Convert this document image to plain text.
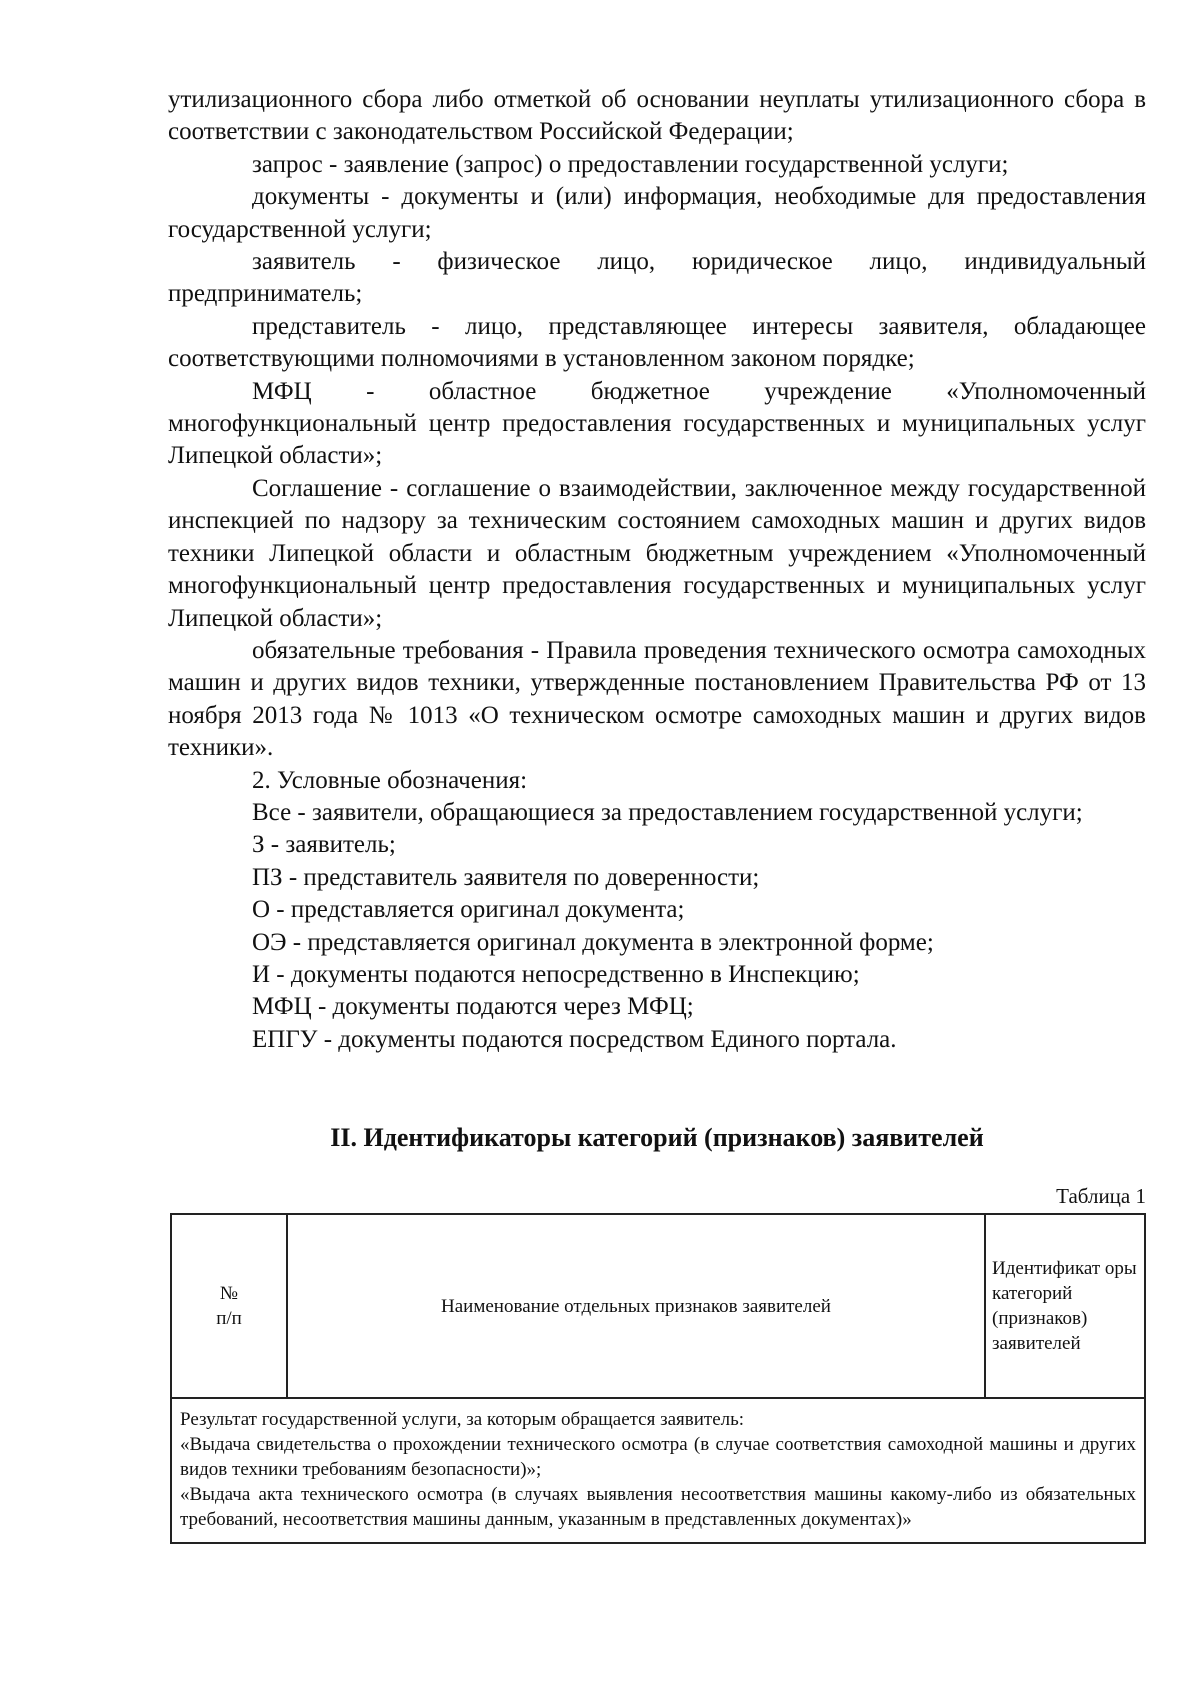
утилизационного сбора либо отметкой об основании неуплаты утилизационного сбора в соответствии с законодательством Российской Федерации;

запрос - заявление (запрос) о предоставлении государственной услуги;

документы - документы и (или) информация, необходимые для предоставления государственной услуги;

заявитель - физическое лицо, юридическое лицо, индивидуальный предприниматель;

представитель - лицо, представляющее интересы заявителя, обладающее соответствующими полномочиями в установленном законом порядке;

МФЦ - областное бюджетное учреждение «Уполномоченный многофункциональный центр предоставления государственных и муниципальных услуг Липецкой области»;

Соглашение - соглашение о взаимодействии, заключенное между государственной инспекцией по надзору за техническим состоянием самоходных машин и других видов техники Липецкой области и областным бюджетным учреждением «Уполномоченный многофункциональный центр предоставления государственных и муниципальных услуг Липецкой области»;

обязательные требования - Правила проведения технического осмотра самоходных машин и других видов техники, утвержденные постановлением Правительства РФ от 13 ноября 2013 года № 1013 «О техническом осмотре самоходных машин и других видов техники».

2. Условные обозначения:

Все - заявители, обращающиеся за предоставлением государственной услуги;

З - заявитель;

ПЗ - представитель заявителя по доверенности;

О - представляется оригинал документа;

ОЭ - представляется оригинал документа в электронной форме;

И - документы подаются непосредственно в Инспекцию;

МФЦ - документы подаются через МФЦ;

ЕПГУ - документы подаются посредством Единого портала.

II. Идентификаторы категорий (признаков) заявителей
Таблица 1
№
п/п
	Наименование отдельных признаков заявителей	Идентификат оры категорий (признаков) заявителей

Результат государственной услуги, за которым обращается заявитель:

«Выдача свидетельства о прохождении технического осмотра (в случае соответствия самоходной машины и других видов техники требованиям безопасности)»;

«Выдача акта технического осмотра (в случаях выявления несоответствия машины какому-либо из обязательных требований, несоответствия машины данным, указанным в представленных документах)»
